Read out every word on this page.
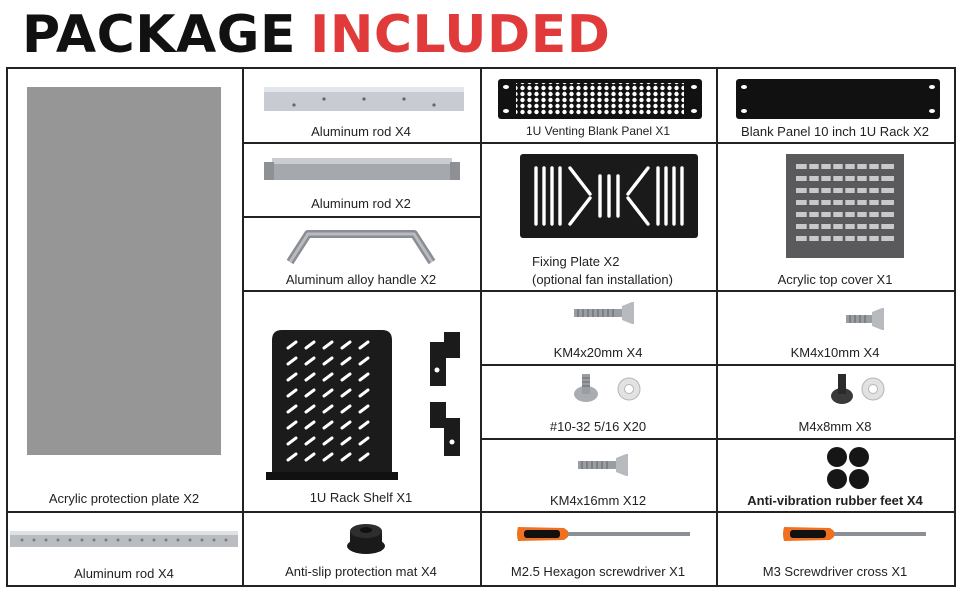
PACKAGE INCLUDED
Acrylic protection plate X2
Aluminum rod X4	1U Venting Blank Panel X1	Blank Panel 10 inch 1U Rack X2
Aluminum rod X2
Fixing Plate X2
(optional fan installation)	Acrylic top cover X1
Aluminum alloy handle X2
1U Rack Shelf X1
KM4x20mm X4	KM4x10mm X4
#10-32 5/16 X20	M4x8mm X8
KM4x16mm X12	Anti-vibration rubber feet X4
Aluminum rod X4	Anti-slip protection mat X4	M2.5 Hexagon screwdriver X1	M3 Screwdriver cross X1
